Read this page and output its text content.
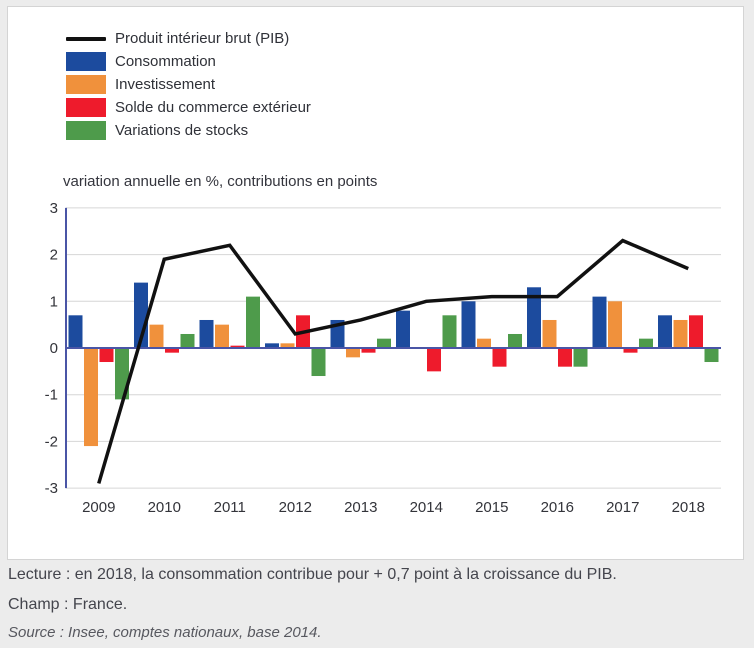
Produit intérieur brut (PIB)
Consommation
Investissement
Solde du commerce extérieur
Variations de stocks
variation annuelle en %, contributions en points
3
2
1
0
-1
-2
-3
2009 2010 2011 2012 2013 2014 2015 2016 2017 2018
Lecture : en 2018, la consommation contribue pour + 0,7 point à la croissance du PIB.
Champ : France.
Source : Insee, comptes nationaux, base 2014.
